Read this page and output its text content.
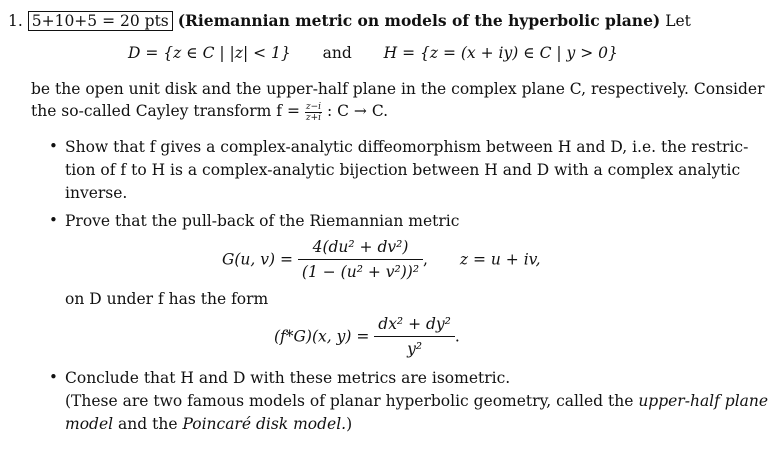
1. 5+10+5 = 20 pts (Riemannian metric on models of the hyperbolic plane) Let
D = {z ∈ C | |z| < 1} and H = {z = (x + iy) ∈ C | y > 0}
be the open unit disk and the upper-half plane in the complex plane C, respectively. Consider
the so-called Cayley transform $f = \frac{z-i}{z+i}$ : C → C.
• Show that f gives a complex-analytic diffeomorphism between H and D, i.e. the restric-
tion of f to H is a complex-analytic bijection between H and D with a complex analytic
inverse.
• Prove that the pull-back of the Riemannian metric
G(u, $v) = \frac{\text{4(du² + dv²)}}{\text{(1 − (u² + v²))²}}$ , z = u + iv,
on D under f has the form
(f*G)(x, $y) = \frac{\text{dx² + dy²}}{\text{y²}}$ .
• Conclude that H and D with these metrics are isometric.
(These are two famous models of planar hyperbolic geometry, called the upper-half plane
model and the Poincaré disk model.)
